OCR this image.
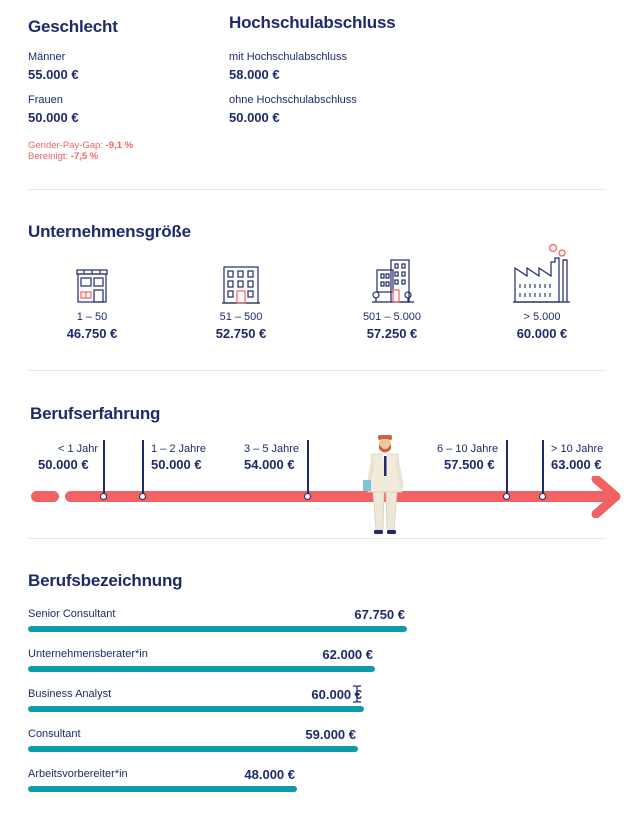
Geschlecht
Männer
55.000 €
Frauen
50.000 €
Gender-Pay-Gap: -9,1 %
Bereinigt: -7,5 %
Hochschulabschluss
mit Hochschulabschluss
58.000 €
ohne Hochschulabschluss
50.000 €
Unternehmensgröße
1 – 50
46.750 €
51 – 500
52.750 €
501 – 5.000
57.250 €
> 5.000
60.000 €
Berufserfahrung
< 1 Jahr
50.000 €
1 – 2 Jahre
50.000 €
3 – 5 Jahre
54.000 €
6 – 10 Jahre
57.500 €
> 10 Jahre
63.000 €
Berufsbezeichnung
Senior Consultant	67.750 €
Unternehmensberater*in	62.000 €
Business Analyst	60.000 €
Consultant	59.000 €
Arbeitsvorbereiter*in	48.000 €
